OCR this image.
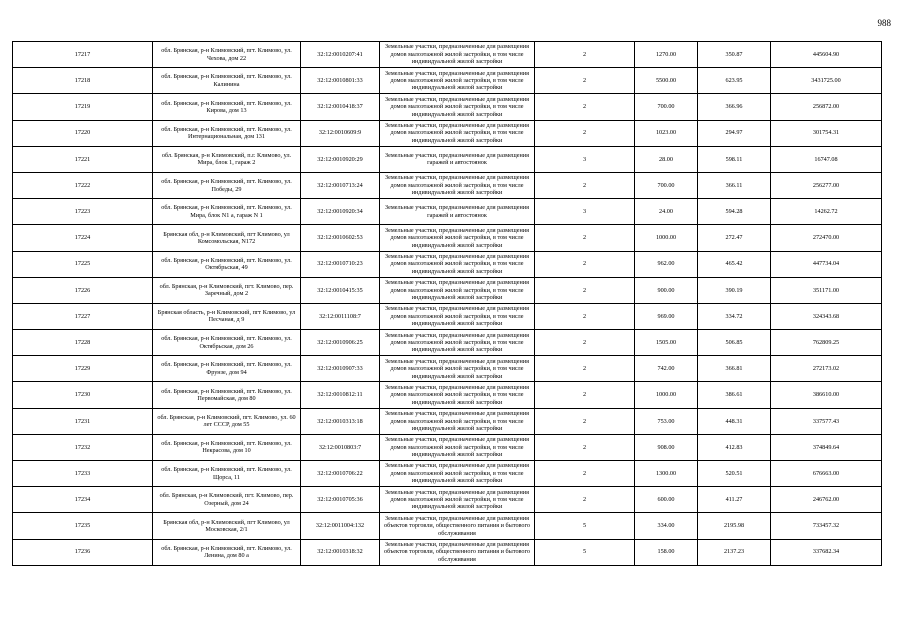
988
17217	обл. Брянская, р-н Климовский, пгт. Климово, ул. Чехова, дом 22	32:12:0010207:41	Земельные участки, предназначенные для размещения домов малоэтажной жилой застройки, в том числе индивидуальной жилой застройки	2	1270.00	350.87	445604.90
17218	обл. Брянская, р-н Климовский, пгт. Климово, ул. Калинина	32:12:0010801:33	Земельные участки, предназначенные для размещения домов малоэтажной жилой застройки, в том числе индивидуальной жилой застройки	2	5500.00	623.95	3431725.00
17219	обл. Брянская, р-н Климовский, пгт. Климово, ул. Кирова, дом 13	32:12:0010418:37	Земельные участки, предназначенные для размещения домов малоэтажной жилой застройки, в том числе индивидуальной жилой застройки	2	700.00	366.96	256872.00
17220	обл. Брянская, р-н Климовский, пгт. Климово, ул. Интернациональная, дом 131	32:12:0010609:9	Земельные участки, предназначенные для размещения домов малоэтажной жилой застройки, в том числе индивидуальной жилой застройки	2	1023.00	294.97	301754.31
17221	обл. Брянская, р-н Климовский, п.г. Климово, ул. Мира, блок 1, гараж 2	32:12:0010920:29	Земельные участки, предназначенные для размещения гаражей и автостоянок	3	28.00	598.11	16747.08
17222	обл. Брянская, р-н Климовский, пгт. Климово, ул. Победы, 29	32:12:0010713:24	Земельные участки, предназначенные для размещения домов малоэтажной жилой застройки, в том числе индивидуальной жилой застройки	2	700.00	366.11	256277.00
17223	обл. Брянская, р-н Климовский, пгт. Климово, ул. Мира, блок N1 а, гараж N 1	32:12:0010920:34	Земельные участки, предназначенные для размещения гаражей и автостоянок	3	24.00	594.28	14262.72
17224	Брянская обл, р-н Климовский, пгт Климово, ул Комсомольская, N172	32:12:0010602:53	Земельные участки, предназначенные для размещения домов малоэтажной жилой застройки, в том числе индивидуальной жилой застройки	2	1000.00	272.47	272470.00
17225	обл. Брянская, р-н Климовский, пгт. Климово, ул. Октябрьская, 49	32:12:0010710:23	Земельные участки, предназначенные для размещения домов малоэтажной жилой застройки, в том числе индивидуальной жилой застройки	2	962.00	465.42	447734.04
17226	обл. Брянская, р-н Климовский, пгт. Климово, пер. Заречный, дом 2	32:12:0010415:35	Земельные участки, предназначенные для размещения домов малоэтажной жилой застройки, в том числе индивидуальной жилой застройки	2	900.00	390.19	351171.00
17227	Брянская область, р-н Климовский, пгт Климово, ул Песчаная, д 9	32:12:0011108:7	Земельные участки, предназначенные для размещения домов малоэтажной жилой застройки, в том числе индивидуальной жилой застройки	2	969.00	334.72	324343.68
17228	обл. Брянская, р-н Климовский, пгт. Климово, ул. Октябрьская, дом 26	32:12:0010906:25	Земельные участки, предназначенные для размещения домов малоэтажной жилой застройки, в том числе индивидуальной жилой застройки	2	1505.00	506.85	762809.25
17229	обл. Брянская, р-н Климовский, пгт. Климово, ул. Фрунзе, дом 94	32:12:0010907:33	Земельные участки, предназначенные для размещения домов малоэтажной жилой застройки, в том числе индивидуальной жилой застройки	2	742.00	366.81	272173.02
17230	обл. Брянская, р-н Климовский, пгт. Климово, ул. Первомайская, дом 80	32:12:0010812:11	Земельные участки, предназначенные для размещения домов малоэтажной жилой застройки, в том числе индивидуальной жилой застройки	2	1000.00	386.61	386610.00
17231	обл. Брянская, р-н Климовский, пгт. Климово, ул. 60 лет СССР, дом 55	32:12:0010313:18	Земельные участки, предназначенные для размещения домов малоэтажной жилой застройки, в том числе индивидуальной жилой застройки	2	753.00	448.31	337577.43
17232	обл. Брянская, р-н Климовский, пгт. Климово, ул. Некрасова, дом 10	32:12:0010803:7	Земельные участки, предназначенные для размещения домов малоэтажной жилой застройки, в том числе индивидуальной жилой застройки	2	908.00	412.83	374849.64
17233	обл. Брянская, р-н Климовский, пгт. Климово, ул. Щорса, 11	32:12:0010706:22	Земельные участки, предназначенные для размещения домов малоэтажной жилой застройки, в том числе индивидуальной жилой застройки	2	1300.00	520.51	676663.00
17234	обл. Брянская, р-н Климовский, пгт. Климово, пер. Озерный, дом 24	32:12:0010705:36	Земельные участки, предназначенные для размещения домов малоэтажной жилой застройки, в том числе индивидуальной жилой застройки	2	600.00	411.27	246762.00
17235	Брянская обл, р-н Климовский, пгт Климово, ул Московская, 2/1	32:12:0011004:132	Земельные участки, предназначенные для размещения объектов торговли, общественного питания и бытового обслуживания	5	334.00	2195.98	733457.32
17236	обл. Брянская, р-н Климовский, пгт. Климово, ул. Ленина, дом 80 а	32:12:0010318:32	Земельные участки, предназначенные для размещения объектов торговли, общественного питания и бытового обслуживания	5	158.00	2137.23	337682.34
